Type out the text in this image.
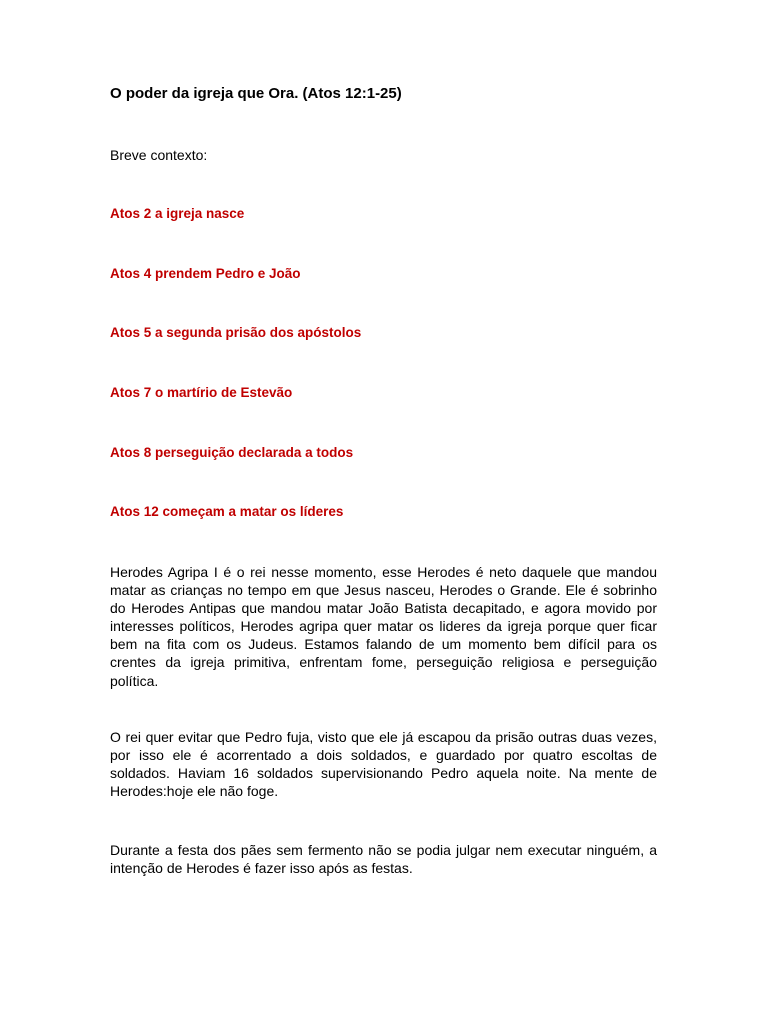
O poder da igreja que Ora. (Atos 12:1-25)

Breve contexto:

Atos 2 a igreja nasce

Atos 4 prendem Pedro e João

Atos 5 a segunda prisão dos apóstolos

Atos 7 o martírio de Estevão

Atos 8 perseguição declarada a todos

Atos 12 começam a matar os líderes

Herodes Agripa I é o rei nesse momento, esse Herodes é neto daquele que mandou matar as crianças no tempo em que Jesus nasceu, Herodes o Grande. Ele é sobrinho do Herodes Antipas que mandou matar João Batista decapitado, e agora movido por interesses políticos, Herodes agripa quer matar os lideres da igreja porque quer ficar bem na fita com os Judeus. Estamos falando de um momento bem difícil para os crentes da igreja primitiva, enfrentam fome, perseguição religiosa e perseguição política.

O rei quer evitar que Pedro fuja, visto que ele já escapou da prisão outras duas vezes, por isso ele é acorrentado a dois soldados, e guardado por quatro escoltas de soldados. Haviam 16 soldados supervisionando Pedro aquela noite. Na mente de Herodes:hoje ele não foge.

Durante a festa dos pães sem fermento não se podia julgar nem executar ninguém, a intenção de Herodes é fazer isso após as festas.
